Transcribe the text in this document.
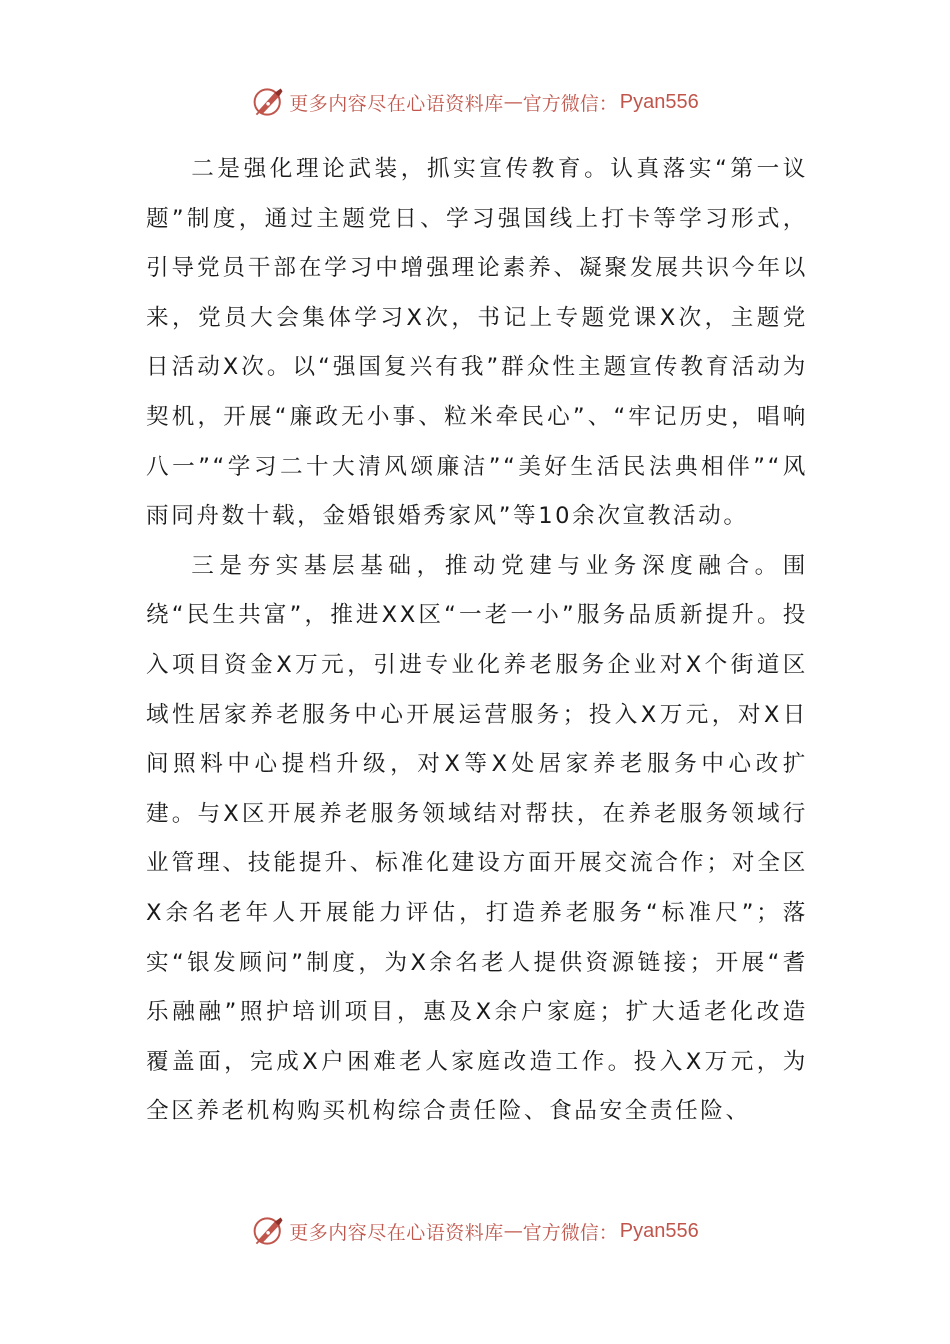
更多内容尽在心语资料库 — 官方微信： Pyan556

二是强化理论武装，抓实宣传教育。认真落实“第一议题”制度，通过主题党日、学习强国线上打卡等学习形式，引导党员干部在学习中增强理论素养、凝聚发展共识今年以来，党员大会集体学习X次，书记上专题党课X次，主题党日活动X次。以“强国复兴有我”群众性主题宣传教育活动为契机，开展“廉政无小事、粒米牵民心”、“牢记历史，唱响八一”“学习二十大清风颂廉洁”“美好生活民法典相伴”“风雨同舟数十载，金婚银婚秀家风”等10余次宣教活动。

三是夯实基层基础，推动党建与业务深度融合。围绕“民生共富”，推进XX区“一老一小”服务品质新提升。投入项目资金X万元，引进专业化养老服务企业对X个街道区域性居家养老服务中心开展运营服务；投入X万元，对X日间照料中心提档升级，对X等X处居家养老服务中心改扩建。与X区开展养老服务领域结对帮扶，在养老服务领域行业管理、技能提升、标准化建设方面开展交流合作；对全区X余名老年人开展能力评估，打造养老服务“标准尺”；落实“银发顾问”制度，为X余名老人提供资源链接；开展“耆乐融融”照护培训项目，惠及X余户家庭；扩大适老化改造覆盖面，完成X户困难老人家庭改造工作。投入X万元，为全区养老机构购买机构综合责任险、食品安全责任险、

更多内容尽在心语资料库 — 官方微信： Pyan556
